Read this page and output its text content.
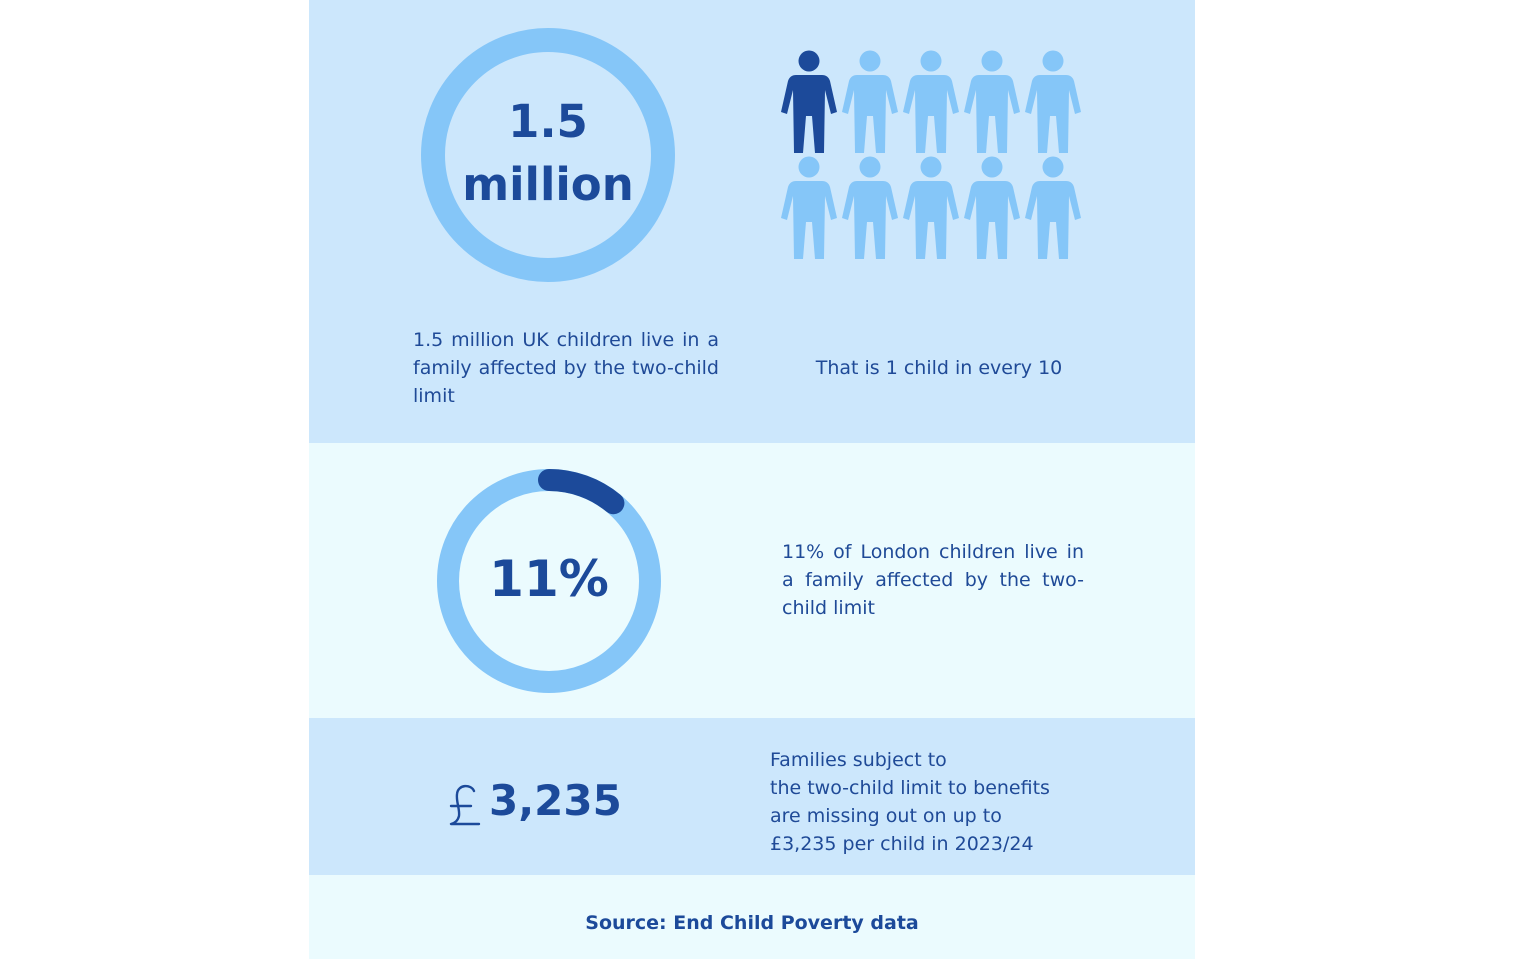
1.5
million
1.5 million UK children live in a family affected by the two-child limit
That is 1 child in every 10
11%	11% of London children live in a family affected by the two-child limit
3,235
Families subject to
the two-child limit to benefits
are missing out on up to
£3,235 per child in 2023/24
Source: End Child Poverty data
